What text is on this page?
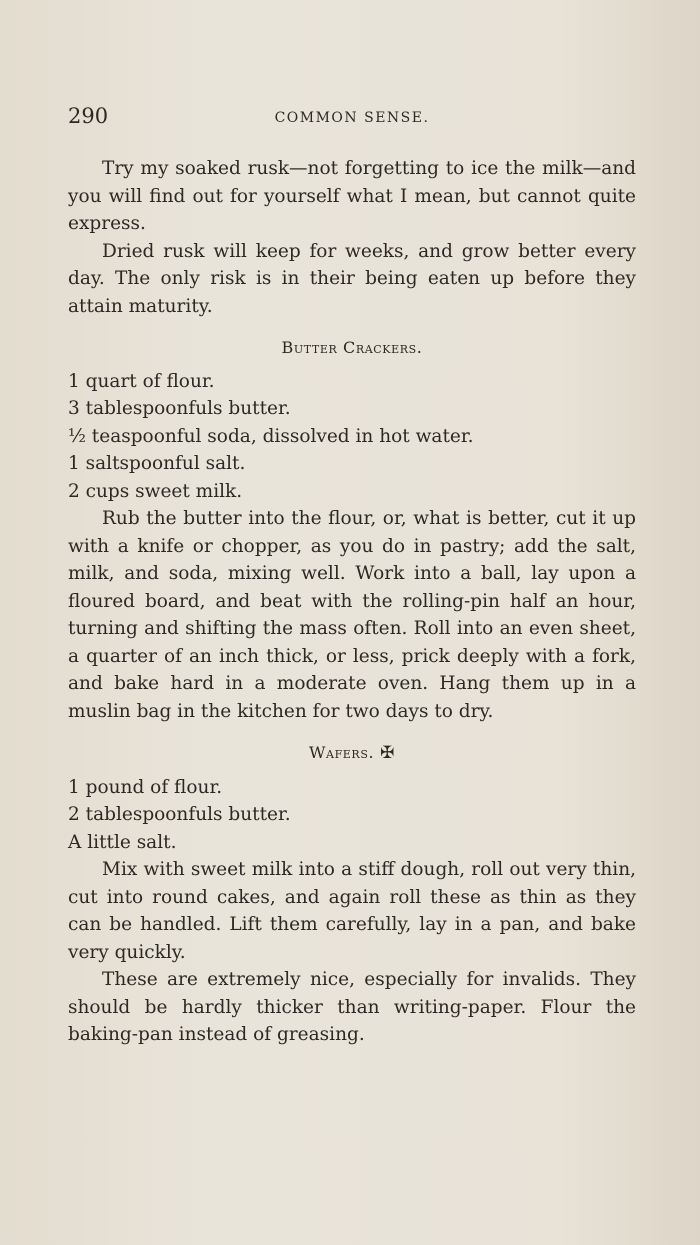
290	COMMON SENSE.

Try my soaked rusk—not forgetting to ice the milk—and you will find out for yourself what I mean, but cannot quite express.

Dried rusk will keep for weeks, and grow better every day. The only risk is in their being eaten up before they attain maturity.

Butter Crackers.
1 quart of flour.
3 tablespoonfuls butter.
½ teaspoonful soda, dissolved in hot water.
1 saltspoonful salt.
2 cups sweet milk.

Rub the butter into the flour, or, what is better, cut it up with a knife or chopper, as you do in pastry; add the salt, milk, and soda, mixing well. Work into a ball, lay upon a floured board, and beat with the rolling-pin half an hour, turning and shifting the mass often. Roll into an even sheet, a quarter of an inch thick, or less, prick deeply with a fork, and bake hard in a moderate oven. Hang them up in a muslin bag in the kitchen for two days to dry.

Wafers. ✠
1 pound of flour.
2 tablespoonfuls butter.
A little salt.

Mix with sweet milk into a stiff dough, roll out very thin, cut into round cakes, and again roll these as thin as they can be handled. Lift them carefully, lay in a pan, and bake very quickly.

These are extremely nice, especially for invalids. They should be hardly thicker than writing-paper. Flour the baking-pan instead of greasing.
